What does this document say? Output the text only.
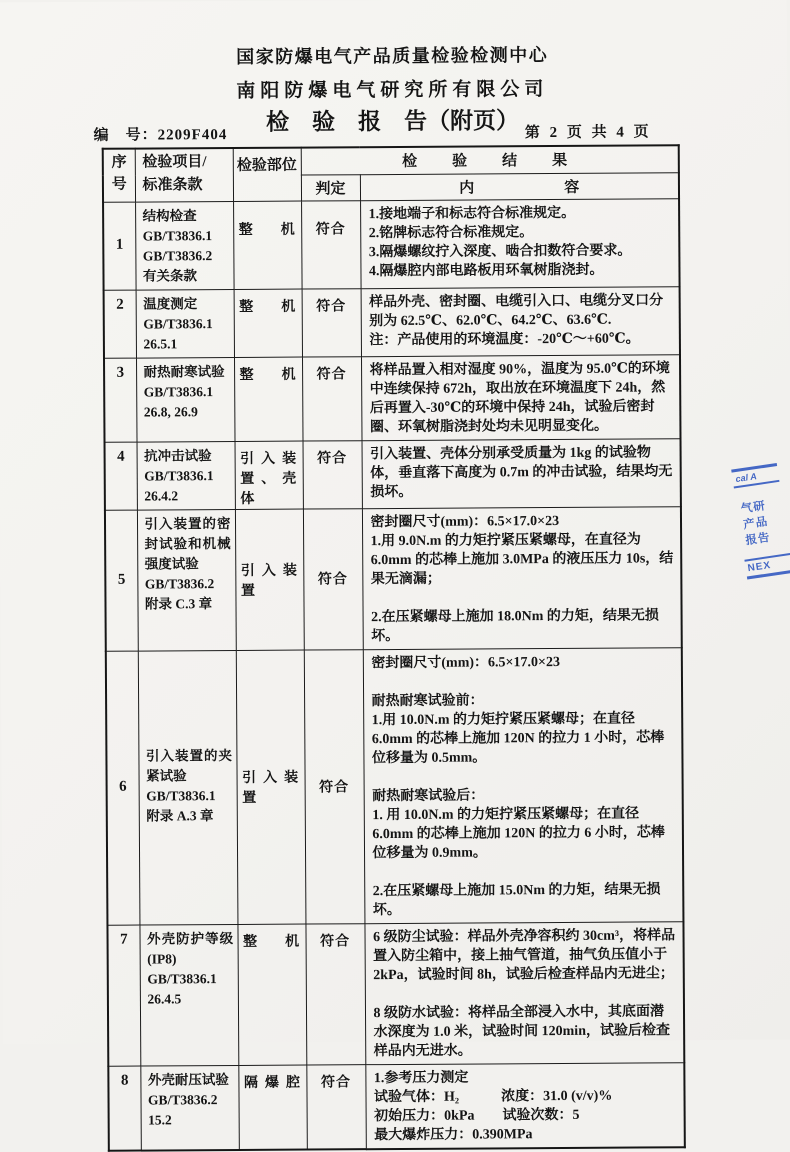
国家防爆电气产品质量检验检测中心
南阳防爆电气研究所有限公司
检　验　报　告（附页）
编　号：2209F404	第 2 页 共 4 页
序
号	检验项目/
标准条款	检验部位	检　验　结　果	
			判定	内　　　　　　容
1	结构检查
GB/T3836.1
GB/T3836.2
有关条款	整机	符合	1.接地端子和标志符合标准规定。
2.铭牌标志符合标准规定。
3.隔爆螺纹拧入深度、啮合扣数符合要求。
4.隔爆腔内部电路板用环氧树脂浇封。
2	温度测定
GB/T3836.1
26.5.1	整机	符合	样品外壳、密封圈、电缆引入口、电缆分叉口分别为 62.5℃、62.0℃、64.2℃、63.6℃.
注：产品使用的环境温度：-20℃～+60℃。
3	耐热耐寒试验
GB/T3836.1
26.8, 26.9	整机	符合	将样品置入相对湿度 90%，温度为 95.0℃的环境中连续保持 672h，取出放在环境温度下 24h，然后再置入-30℃的环境中保持 24h，试验后密封圈、环氧树脂浇封处均未见明显变化。
4	抗冲击试验
GB/T3836.1
26.4.2	引入装置、壳体	符合	引入装置、壳体分别承受质量为 1kg 的试验物体，垂直落下高度为 0.7m 的冲击试验，结果均无损坏。
5	引入装置的密封试验和机械强度试验
GB/T3836.2
附录 C.3 章	引入装置	符合	密封圈尺寸(mm)：6.5×17.0×23
1.用 9.0N.m 的力矩拧紧压紧螺母，在直径为 6.0mm 的芯棒上施加 3.0MPa 的液压压力 10s，结果无滴漏；

2.在压紧螺母上施加 18.0Nm 的力矩，结果无损坏。
6	引入装置的夹紧试验
GB/T3836.1
附录 A.3 章	引入装置	符合	密封圈尺寸(mm)：6.5×17.0×23

耐热耐寒试验前：
1.用 10.0N.m 的力矩拧紧压紧螺母；在直径 6.0mm 的芯棒上施加 120N 的拉力 1 小时，芯棒位移量为 0.5mm。

耐热耐寒试验后：
1. 用 10.0N.m 的力矩拧紧压紧螺母；在直径 6.0mm 的芯棒上施加 120N 的拉力 6 小时，芯棒位移量为 0.9mm。

2.在压紧螺母上施加 15.0Nm 的力矩，结果无损坏。
7	外壳防护等级(IP8)
GB/T3836.1
26.4.5	整机	符合	6 级防尘试验：样品外壳净容积约 30cm³，将样品置入防尘箱中，接上抽气管道，抽气负压值小于 2kPa，试验时间 8h，试验后检查样品内无进尘；

8 级防水试验：将样品全部浸入水中，其底面潜水深度为 1.0 米，试验时间 120min，试验后检查样品内无进水。
8	外壳耐压试验
GB/T3836.2
15.2	隔爆腔	符合	1.参考压力测定
试验气体：H₂　　　浓度：31.0 (v/v)%
初始压力：0kPa　　试验次数：5
最大爆炸压力：0.390MPa
cal A
气研
产品
报告
NEX
